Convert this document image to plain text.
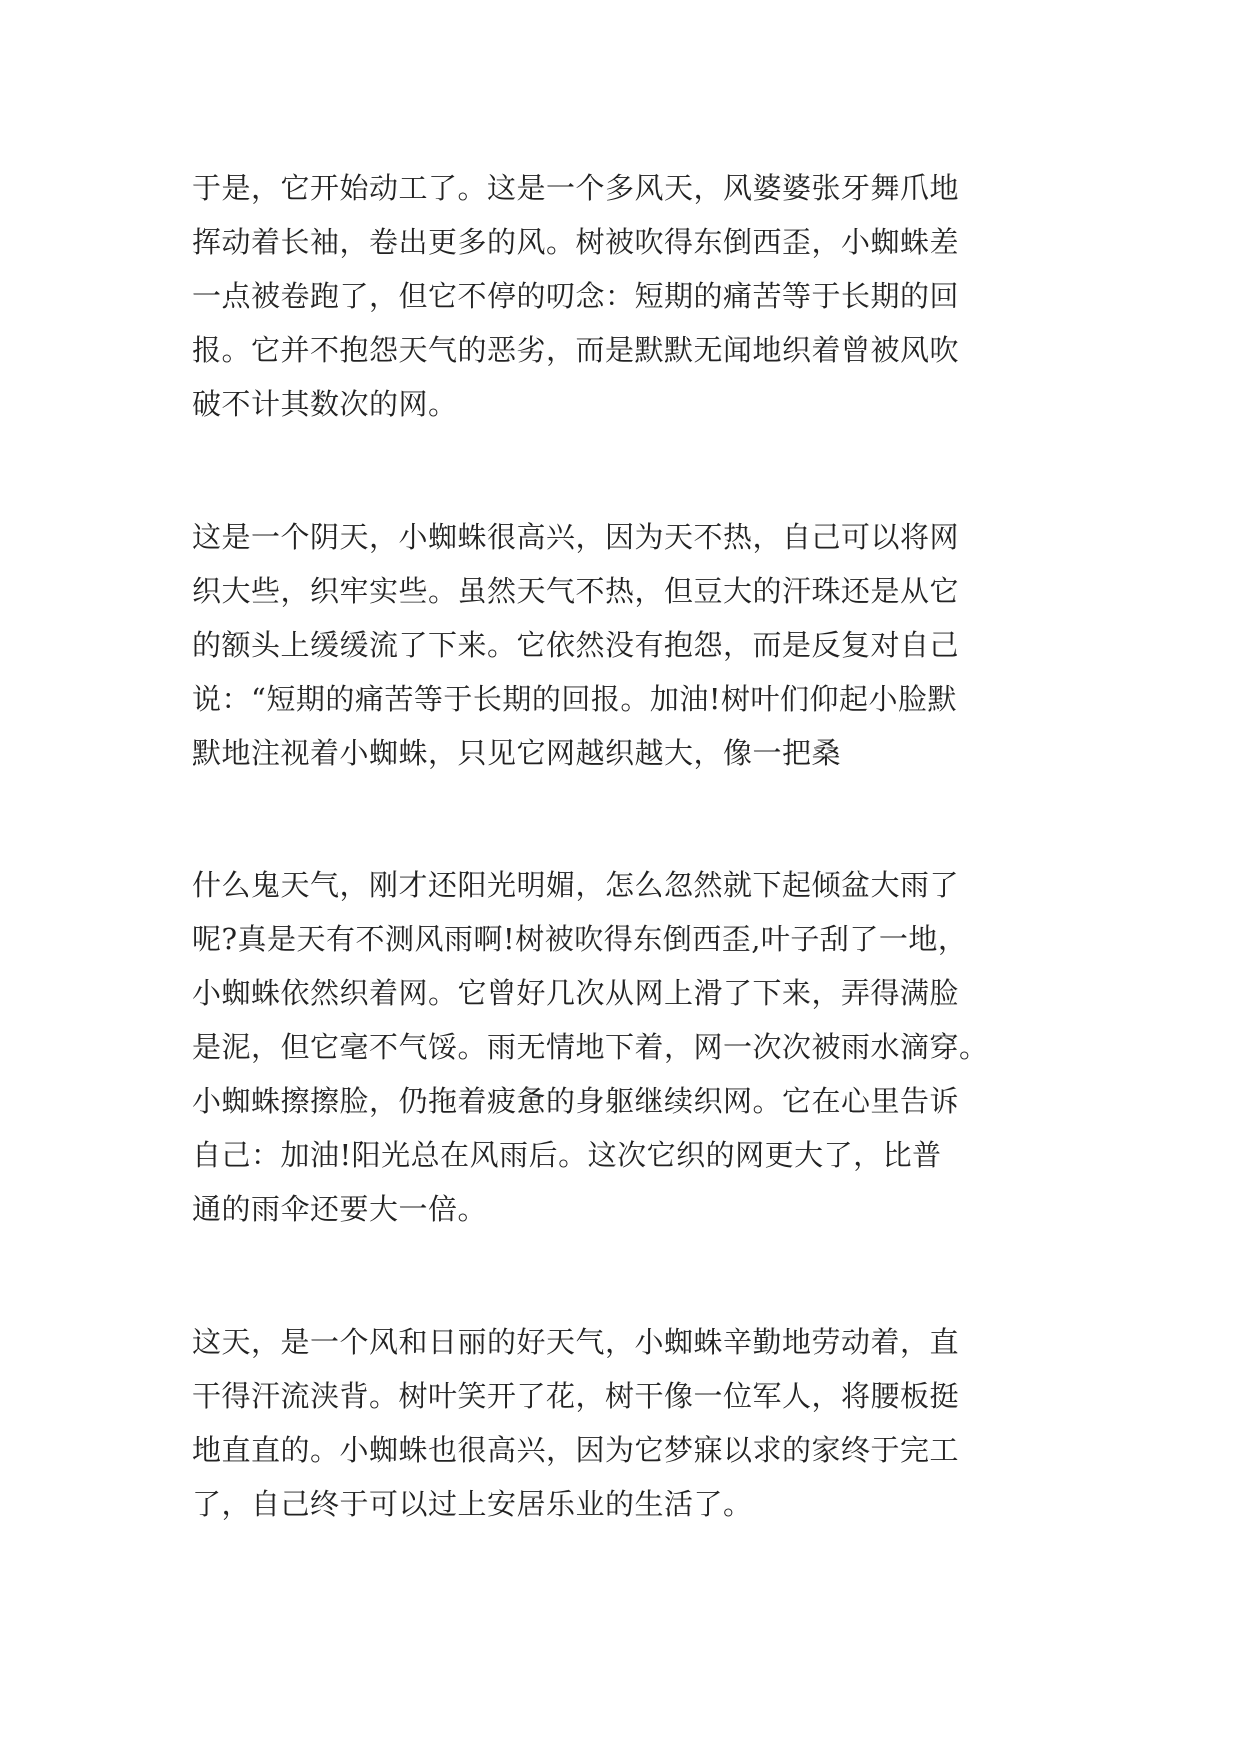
于是，它开始动工了。这是一个多风天，风婆婆张牙舞爪地
挥动着长袖，卷出更多的风。树被吹得东倒西歪，小蜘蛛差
一点被卷跑了，但它不停的叨念：短期的痛苦等于长期的回
报。它并不抱怨天气的恶劣，而是默默无闻地织着曾被风吹
破不计其数次的网。

这是一个阴天，小蜘蛛很高兴，因为天不热，自己可以将网
织大些，织牢实些。虽然天气不热，但豆大的汗珠还是从它
的额头上缓缓流了下来。它依然没有抱怨，而是反复对自己
说：“短期的痛苦等于长期的回报。加油!树叶们仰起小脸默
默地注视着小蜘蛛，只见它网越织越大，像一把桑

什么鬼天气，刚才还阳光明媚，怎么忽然就下起倾盆大雨了
呢?真是天有不测风雨啊!树被吹得东倒西歪,叶子刮了一地，
小蜘蛛依然织着网。它曾好几次从网上滑了下来，弄得满脸
是泥，但它毫不气馁。雨无情地下着，网一次次被雨水滴穿。
小蜘蛛擦擦脸，仍拖着疲惫的身躯继续织网。它在心里告诉
自己：加油!阳光总在风雨后。这次它织的网更大了，比普
通的雨伞还要大一倍。

这天，是一个风和日丽的好天气，小蜘蛛辛勤地劳动着，直
干得汗流浃背。树叶笑开了花，树干像一位军人，将腰板挺
地直直的。小蜘蛛也很高兴，因为它梦寐以求的家终于完工
了，自己终于可以过上安居乐业的生活了。
